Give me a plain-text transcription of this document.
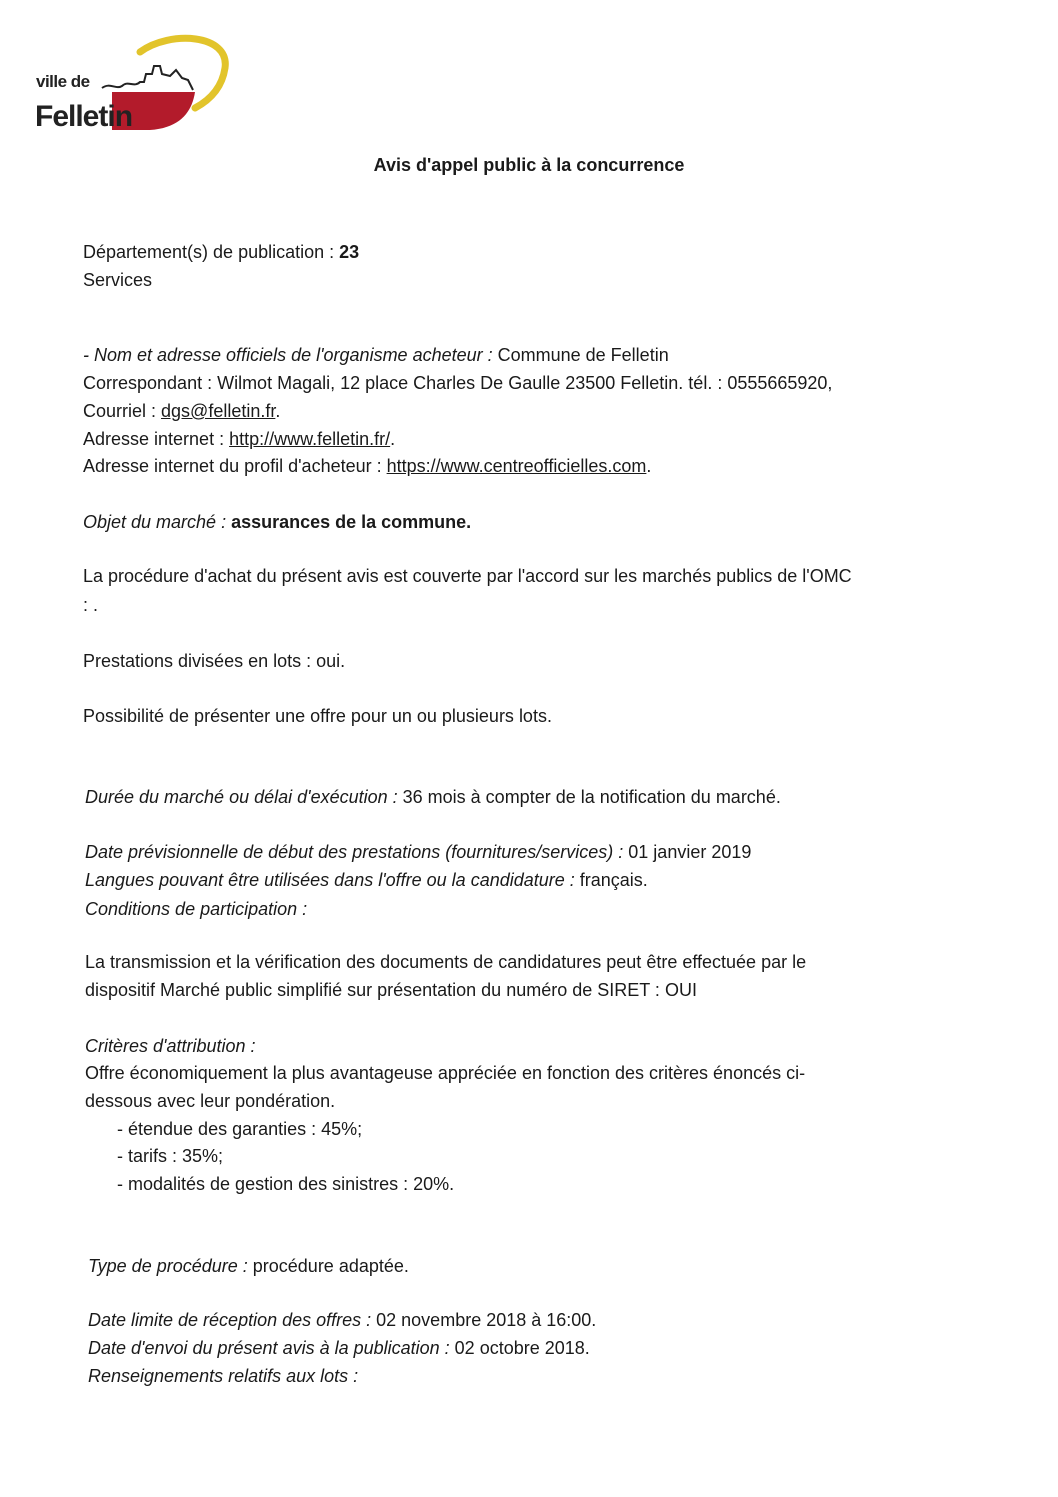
ville de
Felletin
Avis d'appel public à la concurrence
Département(s) de publication : 23
Services
- Nom et adresse officiels de l'organisme acheteur : Commune de Felletin
Correspondant : Wilmot Magali, 12 place Charles De Gaulle 23500 Felletin. tél. : 0555665920,
Courriel : dgs@felletin.fr.
Adresse internet : http://www.felletin.fr/.
Adresse internet du profil d'acheteur : https://www.centreofficielles.com.
Objet du marché : assurances de la commune.
La procédure d'achat du présent avis est couverte par l'accord sur les marchés publics de l'OMC
: .
Prestations divisées en lots : oui.
Possibilité de présenter une offre pour un ou plusieurs lots.
Durée du marché ou délai d'exécution : 36 mois à compter de la notification du marché.
Date prévisionnelle de début des prestations (fournitures/services) : 01 janvier 2019
Langues pouvant être utilisées dans l'offre ou la candidature : français.
Conditions de participation :
La transmission et la vérification des documents de candidatures peut être effectuée par le
dispositif Marché public simplifié sur présentation du numéro de SIRET : OUI
Critères d'attribution :
Offre économiquement la plus avantageuse appréciée en fonction des critères énoncés ci-
dessous avec leur pondération.
- étendue des garanties : 45%;
- tarifs : 35%;
- modalités de gestion des sinistres : 20%.
Type de procédure : procédure adaptée.
Date limite de réception des offres : 02 novembre 2018 à 16:00.
Date d'envoi du présent avis à la publication : 02 octobre 2018.
Renseignements relatifs aux lots :
